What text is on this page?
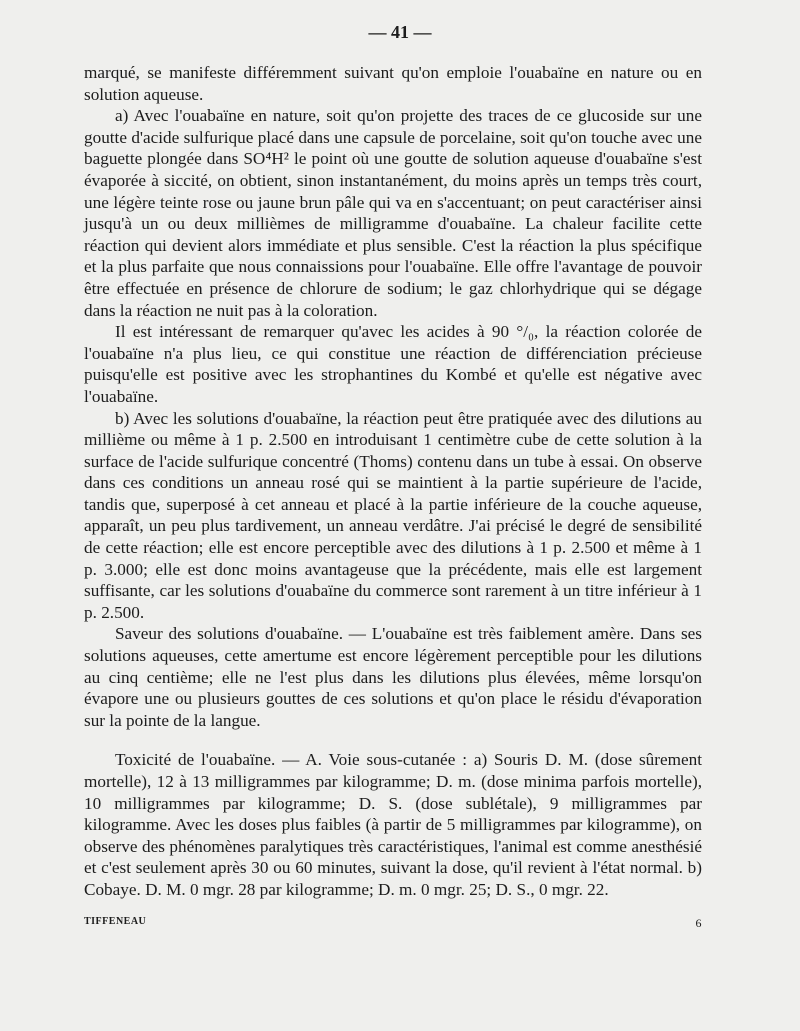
— 41 —

marqué, se manifeste différemment suivant qu'on emploie l'ouabaïne en nature ou en solution aqueuse.

a) Avec l'ouabaïne en nature, soit qu'on projette des traces de ce glucoside sur une goutte d'acide sulfurique placé dans une capsule de porcelaine, soit qu'on touche avec une baguette plongée dans SO⁴H² le point où une goutte de solution aqueuse d'ouabaïne s'est évaporée à siccité, on obtient, sinon instantanément, du moins après un temps très court, une légère teinte rose ou jaune brun pâle qui va en s'accentuant; on peut caractériser ainsi jusqu'à un ou deux millièmes de milligramme d'ouabaïne. La chaleur facilite cette réaction qui devient alors immédiate et plus sensible. C'est la réaction la plus spécifique et la plus parfaite que nous connaissions pour l'ouabaïne. Elle offre l'avantage de pouvoir être effectuée en présence de chlorure de sodium; le gaz chlorhydrique qui se dégage dans la réaction ne nuit pas à la coloration.

Il est intéressant de remarquer qu'avec les acides à 90 °/₀, la réaction colorée de l'ouabaïne n'a plus lieu, ce qui constitue une réaction de différenciation précieuse puisqu'elle est positive avec les strophantines du Kombé et qu'elle est négative avec l'ouabaïne.

b) Avec les solutions d'ouabaïne, la réaction peut être pratiquée avec des dilutions au millième ou même à 1 p. 2.500 en introduisant 1 centimètre cube de cette solution à la surface de l'acide sulfurique concentré (Thoms) contenu dans un tube à essai. On observe dans ces conditions un anneau rosé qui se maintient à la partie supérieure de l'acide, tandis que, superposé à cet anneau et placé à la partie inférieure de la couche aqueuse, apparaît, un peu plus tardivement, un anneau verdâtre. J'ai précisé le degré de sensibilité de cette réaction; elle est encore perceptible avec des dilutions à 1 p. 2.500 et même à 1 p. 3.000; elle est donc moins avantageuse que la précédente, mais elle est largement suffisante, car les solutions d'ouabaïne du commerce sont rarement à un titre inférieur à 1 p. 2.500.

Saveur des solutions d'ouabaïne. — L'ouabaïne est très faiblement amère. Dans ses solutions aqueuses, cette amertume est encore légèrement perceptible pour les dilutions au cinq centième; elle ne l'est plus dans les dilutions plus élevées, même lorsqu'on évapore une ou plusieurs gouttes de ces solutions et qu'on place le résidu d'évaporation sur la pointe de la langue.

Toxicité de l'ouabaïne. — A. Voie sous-cutanée : a) Souris D. M. (dose sûrement mortelle), 12 à 13 milligrammes par kilogramme; D. m. (dose minima parfois mortelle), 10 milligrammes par kilogramme; D. S. (dose sublétale), 9 milligrammes par kilogramme. Avec les doses plus faibles (à partir de 5 milligrammes par kilogramme), on observe des phénomènes paralytiques très caractéristiques, l'animal est comme anesthésié et c'est seulement après 30 ou 60 minutes, suivant la dose, qu'il revient à l'état normal. b) Cobaye. D. M. 0 mgr. 28 par kilogramme; D. m. 0 mgr. 25; D. S., 0 mgr. 22.

TIFFENEAU	6
